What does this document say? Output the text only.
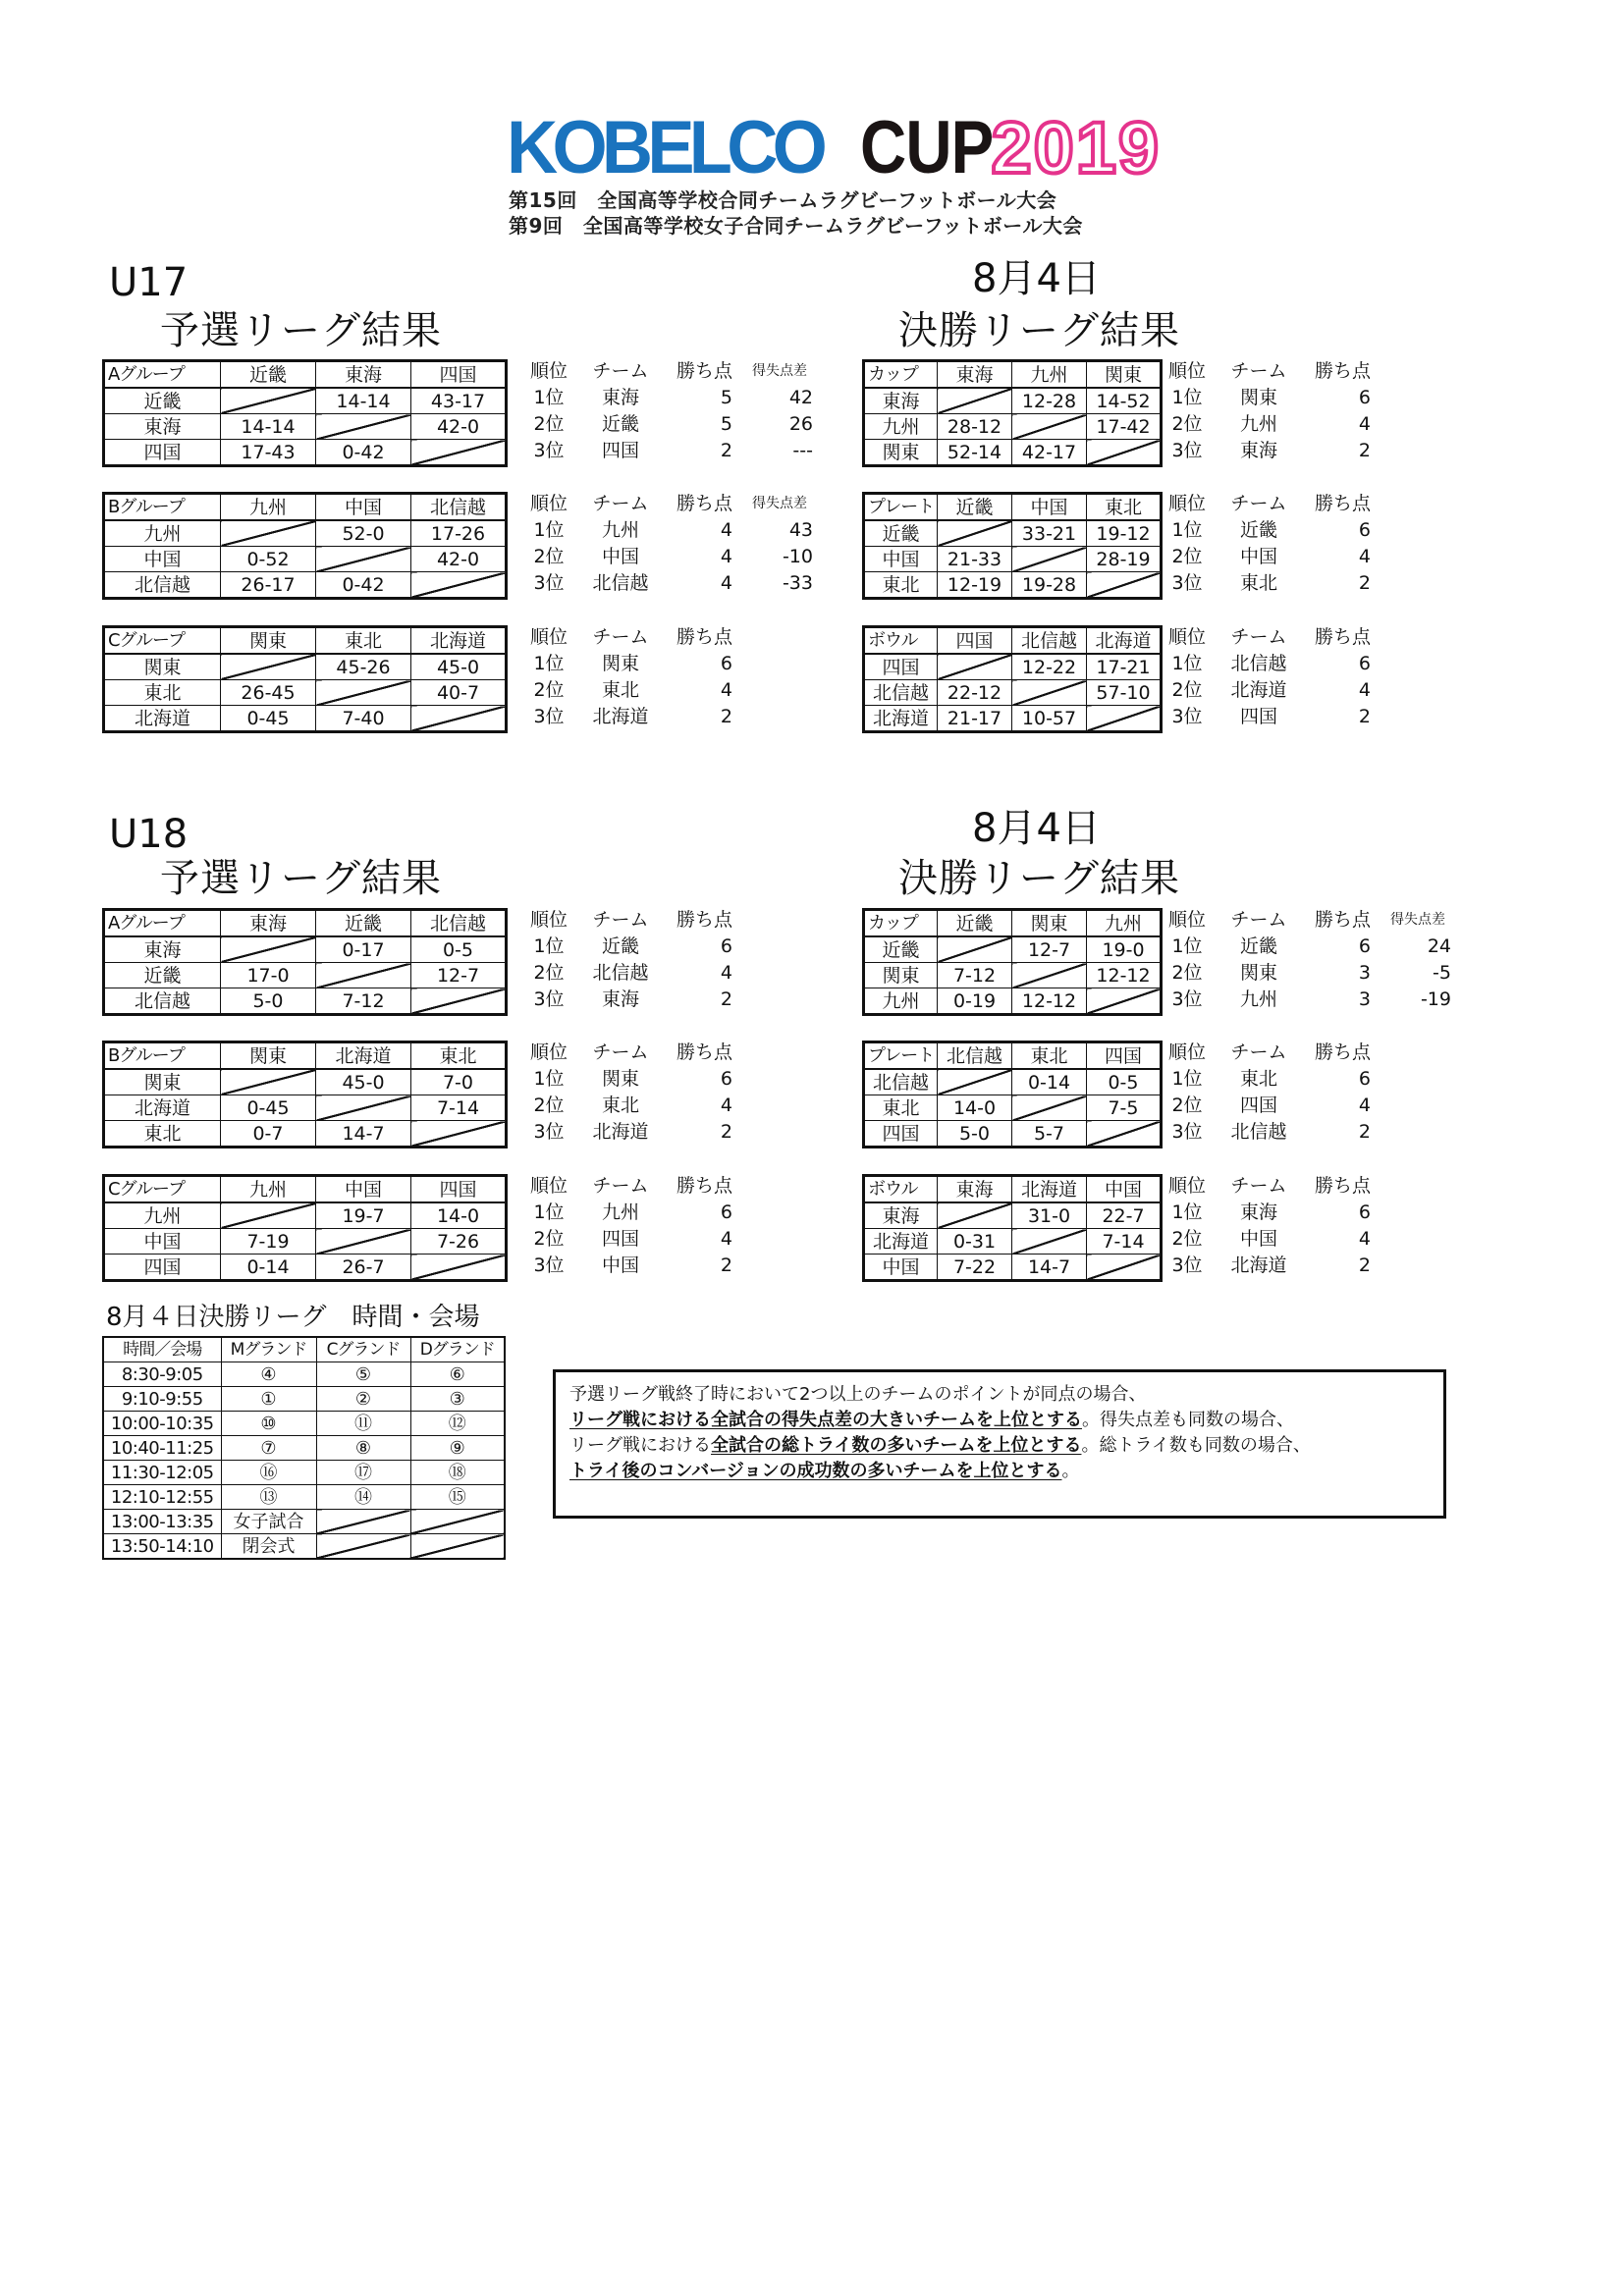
KOBELCO CUP
2019
第15回　全国高等学校合同チームラグビーフットボール大会
第9回　全国高等学校女子合同チームラグビーフットボール大会
U17
予選リーグ結果
8月4日
決勝リーグ結果
Aグループ	近畿	東海	四国
近畿		14-14	43-17
東海	14-14		42-0
四国	17-43	0-42	
順位	チーム	勝ち点	得失点差
1位	東海	5	42
2位	近畿	5	26
3位	四国	2	---
Bグループ	九州	中国	北信越
九州		52-0	17-26
中国	0-52		42-0
北信越	26-17	0-42	
順位	チーム	勝ち点	得失点差
1位	九州	4	43
2位	中国	4	-10
3位	北信越	4	-33
Cグループ	関東	東北	北海道
関東		45-26	45-0
東北	26-45		40-7
北海道	0-45	7-40	
順位	チーム	勝ち点
1位	関東	6
2位	東北	4
3位	北海道	2
カップ	東海	九州	関東
東海		12-28	14-52
九州	28-12		17-42
関東	52-14	42-17	
順位	チーム	勝ち点
1位	関東	6
2位	九州	4
3位	東海	2
プレート	近畿	中国	東北
近畿		33-21	19-12
中国	21-33		28-19
東北	12-19	19-28	
順位	チーム	勝ち点
1位	近畿	6
2位	中国	4
3位	東北	2
ボウル	四国	北信越	北海道
四国		12-22	17-21
北信越	22-12		57-10
北海道	21-17	10-57	
順位	チーム	勝ち点
1位	北信越	6
2位	北海道	4
3位	四国	2
U18
予選リーグ結果
8月4日
決勝リーグ結果
Aグループ	東海	近畿	北信越
東海		0-17	0-5
近畿	17-0		12-7
北信越	5-0	7-12	
順位	チーム	勝ち点
1位	近畿	6
2位	北信越	4
3位	東海	2
Bグループ	関東	北海道	東北
関東		45-0	7-0
北海道	0-45		7-14
東北	0-7	14-7	
順位	チーム	勝ち点
1位	関東	6
2位	東北	4
3位	北海道	2
Cグループ	九州	中国	四国
九州		19-7	14-0
中国	7-19		7-26
四国	0-14	26-7	
順位	チーム	勝ち点
1位	九州	6
2位	四国	4
3位	中国	2
カップ	近畿	関東	九州
近畿		12-7	19-0
関東	7-12		12-12
九州	0-19	12-12	
順位	チーム	勝ち点	得失点差
1位	近畿	6	24
2位	関東	3	-5
3位	九州	3	-19
プレート	北信越	東北	四国
北信越		0-14	0-5
東北	14-0		7-5
四国	5-0	5-7	
順位	チーム	勝ち点
1位	東北	6
2位	四国	4
3位	北信越	2
ボウル	東海	北海道	中国
東海		31-0	22-7
北海道	0-31		7-14
中国	7-22	14-7	
順位	チーム	勝ち点
1位	東海	6
2位	中国	4
3位	北海道	2
8月４日決勝リーグ　時間・会場
時間／会場	Mグランド	Cグランド	Dグランド
8:30-9:05	④	⑤	⑥
9:10-9:55	①	②	③
10:00-10:35	⑩	⑪	⑫
10:40-11:25	⑦	⑧	⑨
11:30-12:05	⑯	⑰	⑱
12:10-12:55	⑬	⑭	⑮
13:00-13:35	女子試合		
13:50-14:10	閉会式		
予選リーグ戦終了時において2つ以上のチームのポイントが同点の場合、
リーグ戦における全試合の得失点差の大きいチームを上位とする。得失点差も同数の場合、
リーグ戦における全試合の総トライ数の多いチームを上位とする。総トライ数も同数の場合、
トライ後のコンバージョンの成功数の多いチームを上位とする。
